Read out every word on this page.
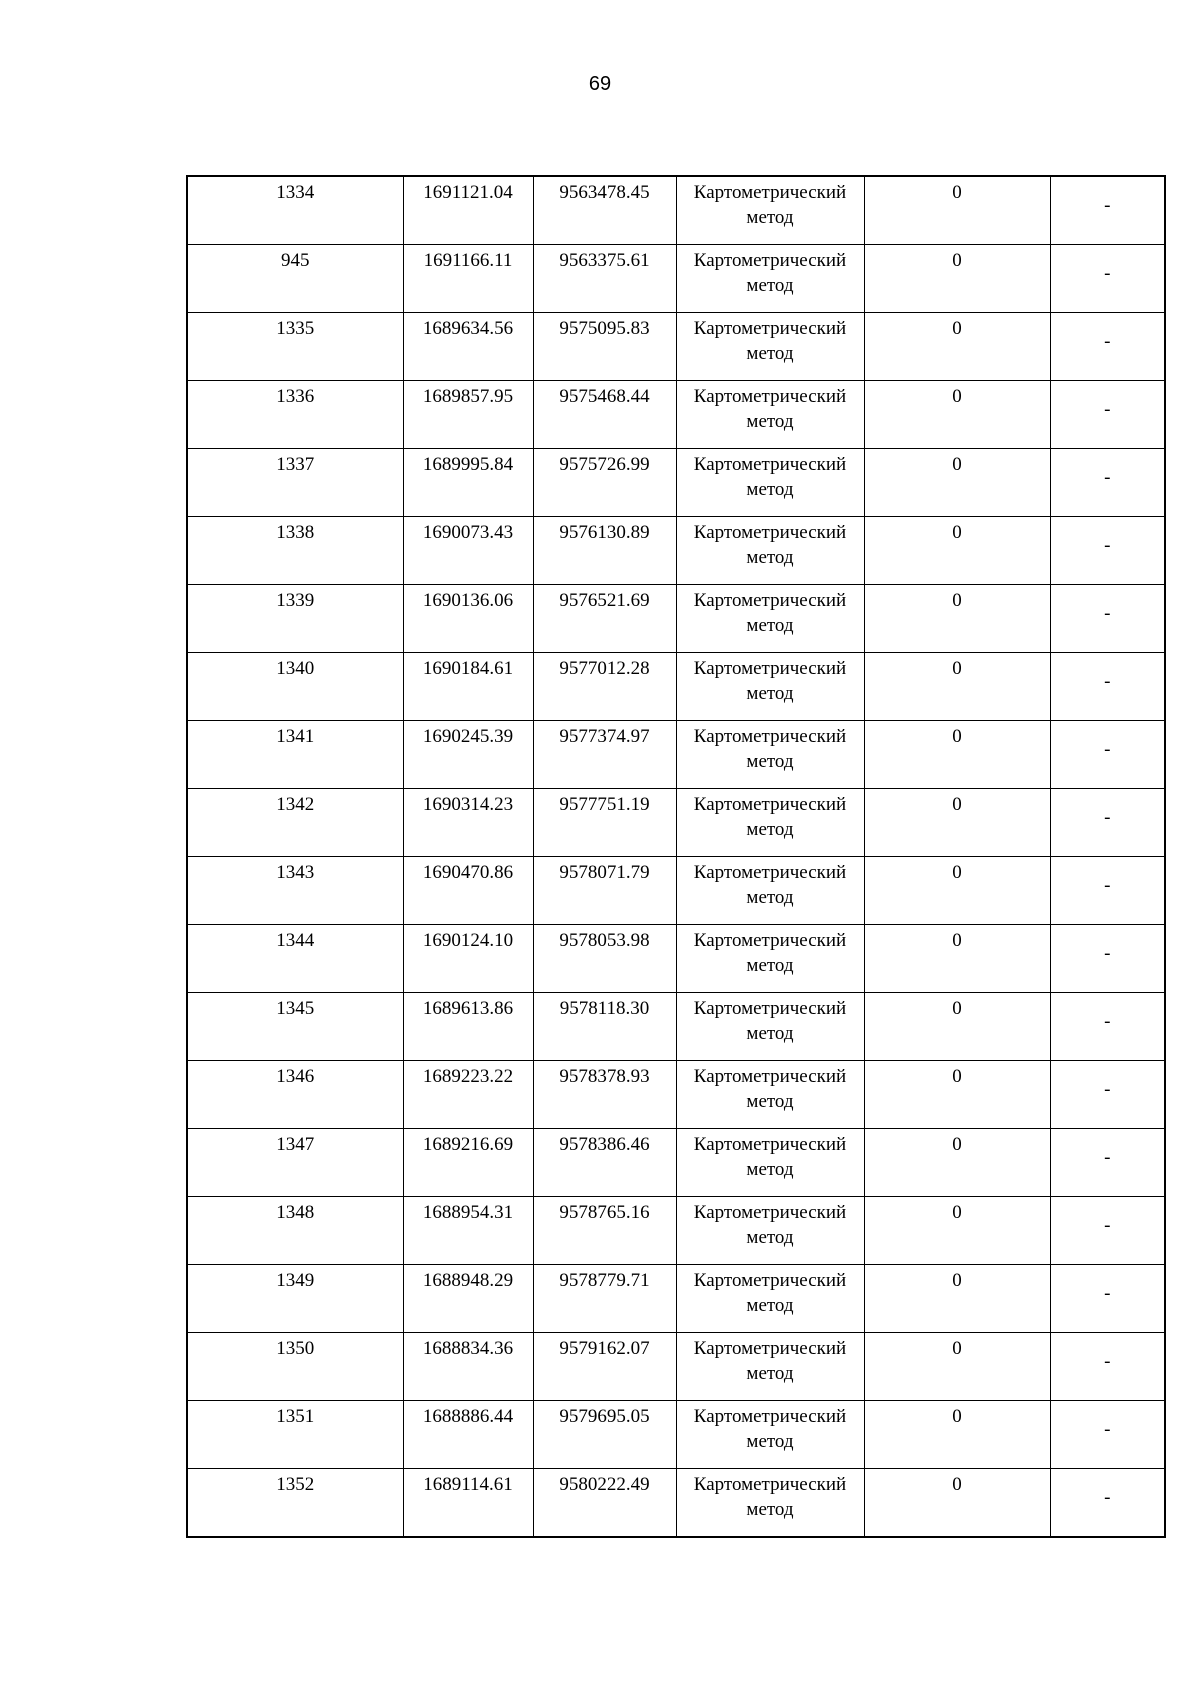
69
1334	1691121.04	9563478.45	Картометрический метод	0	-

945	1691166.11	9563375.61	Картометрический метод	0	-

1335	1689634.56	9575095.83	Картометрический метод	0	-

1336	1689857.95	9575468.44	Картометрический метод	0	-

1337	1689995.84	9575726.99	Картометрический метод	0	-

1338	1690073.43	9576130.89	Картометрический метод	0	-

1339	1690136.06	9576521.69	Картометрический метод	0	-

1340	1690184.61	9577012.28	Картометрический метод	0	-

1341	1690245.39	9577374.97	Картометрический метод	0	-

1342	1690314.23	9577751.19	Картометрический метод	0	-

1343	1690470.86	9578071.79	Картометрический метод	0	-

1344	1690124.10	9578053.98	Картометрический метод	0	-

1345	1689613.86	9578118.30	Картометрический метод	0	-

1346	1689223.22	9578378.93	Картометрический метод	0	-

1347	1689216.69	9578386.46	Картометрический метод	0	-

1348	1688954.31	9578765.16	Картометрический метод	0	-

1349	1688948.29	9578779.71	Картометрический метод	0	-

1350	1688834.36	9579162.07	Картометрический метод	0	-

1351	1688886.44	9579695.05	Картометрический метод	0	-

1352	1689114.61	9580222.49	Картометрический метод	0	-
